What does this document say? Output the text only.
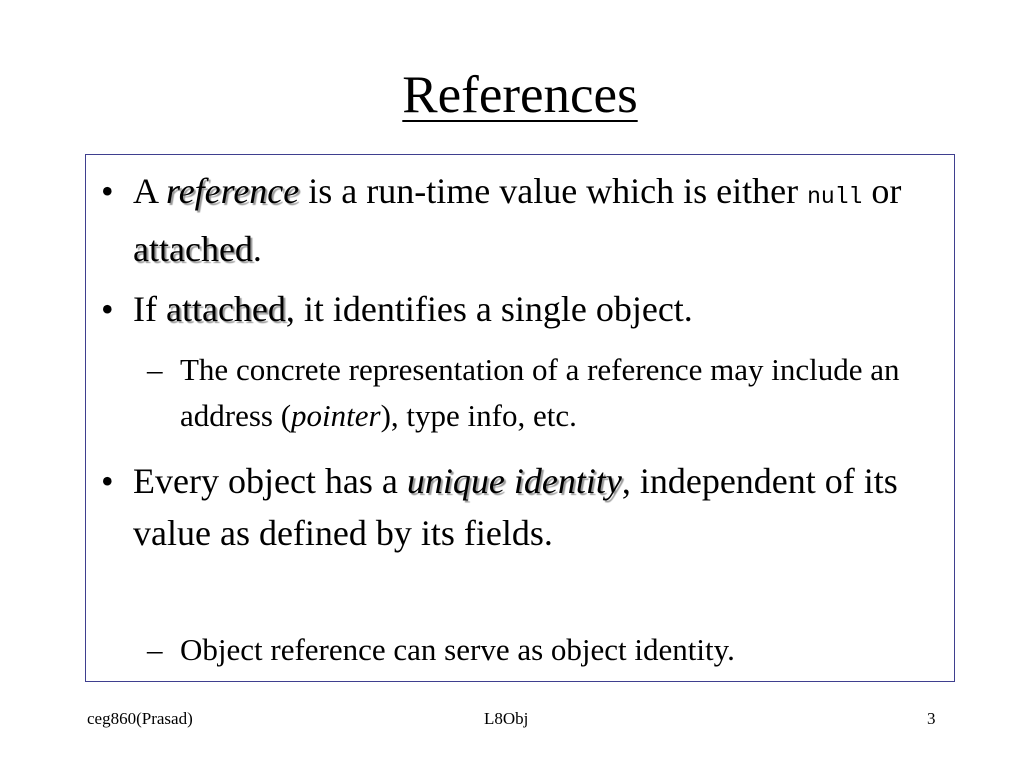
References
• A reference is a run-time value which is either null or attached.
• If attached, it identifies a single object.
– The concrete representation of a reference may include an address (pointer), type info, etc.
• Every object has a unique identity, independent of its value as defined by its fields.
– Object reference can serve as object identity.
ceg860(Prasad)	L8Obj	3
